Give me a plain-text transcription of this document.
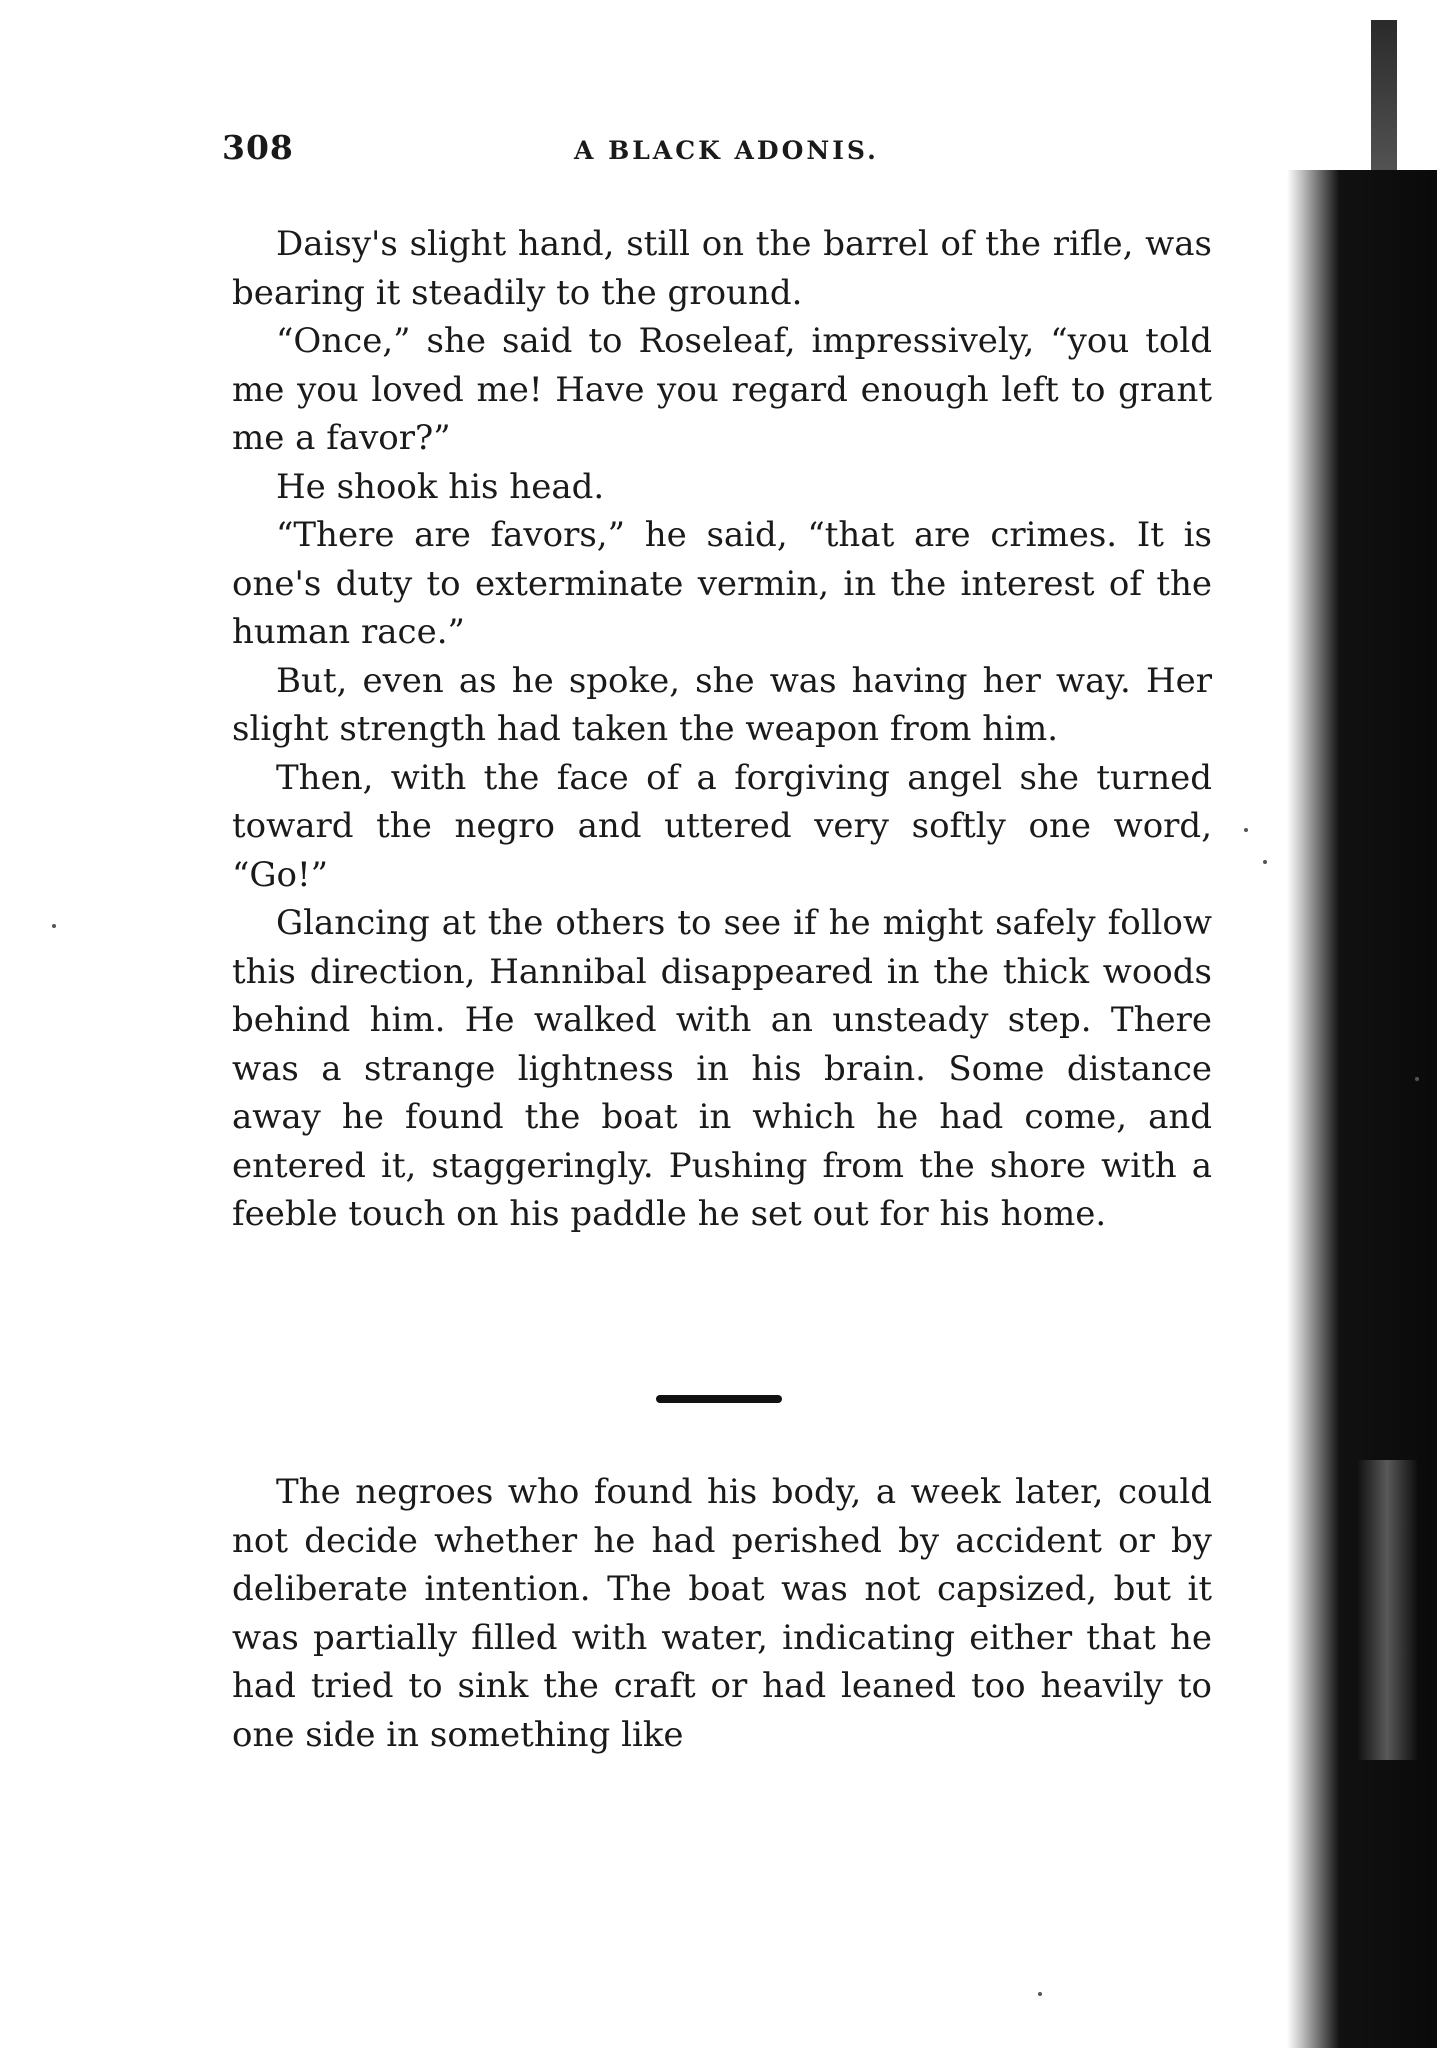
308	A BLACK ADONIS.

Daisy's slight hand, still on the barrel of the rifle, was bearing it steadily to the ground.

“Once,” she said to Roseleaf, impressively, “you told me you loved me! Have you regard enough left to grant me a favor?”

He shook his head.

“There are favors,” he said, “that are crimes. It is one's duty to exterminate vermin, in the interest of the human race.”

But, even as he spoke, she was having her way. Her slight strength had taken the weapon from him.

Then, with the face of a forgiving angel she turned toward the negro and uttered very softly one word, “Go!”

Glancing at the others to see if he might safely follow this direction, Hannibal disappeared in the thick woods behind him. He walked with an unsteady step. There was a strange lightness in his brain. Some distance away he found the boat in which he had come, and entered it, staggeringly. Pushing from the shore with a feeble touch on his paddle he set out for his home.

The negroes who found his body, a week later, could not decide whether he had perished by accident or by deliberate intention. The boat was not capsized, but it was partially filled with water, indicating either that he had tried to sink the craft or had leaned too heavily to one side in something like
